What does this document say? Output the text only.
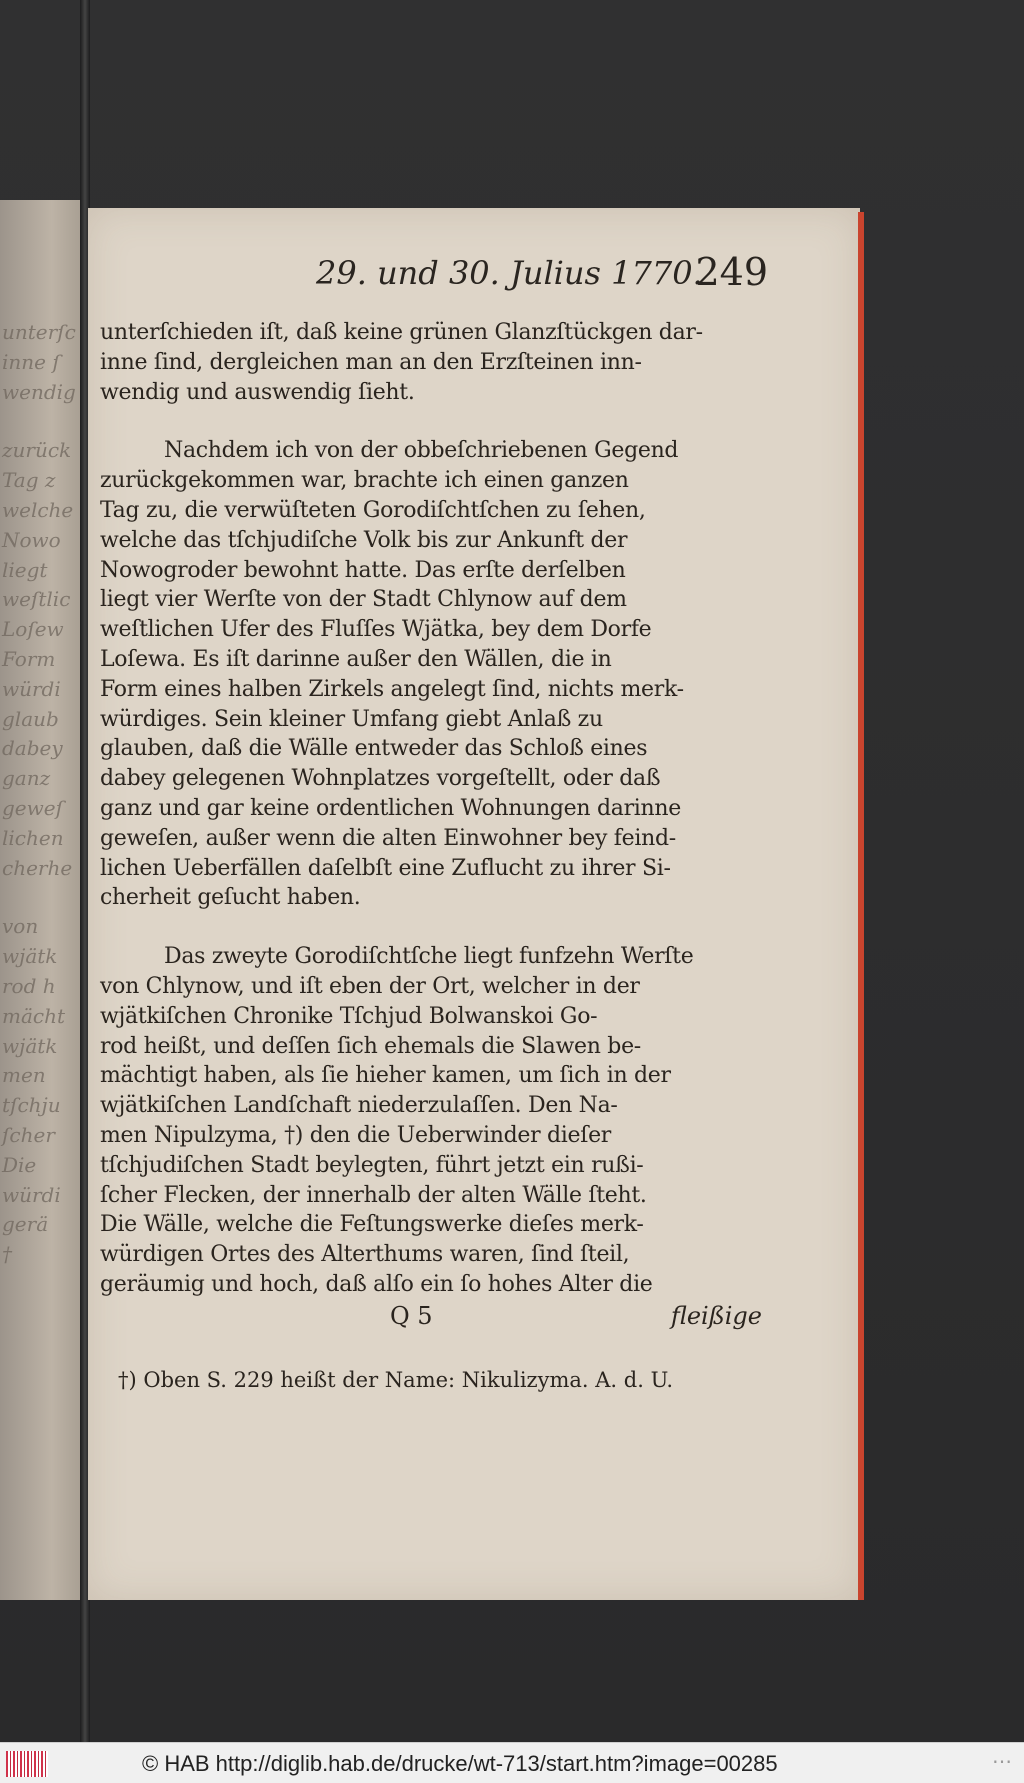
unterſc
inne ſ
wendig
zurück
Tag z
welche
Nowo
liegt
weſtlic
Loſew
Form
würdi
glaub
dabey
ganz
geweſ
lichen
cherhe
von
wjätk
rod h
mächt
wjätk
men
tſchju
ſcher
Die
würdi
gerä
†
29. und 30. Julius 1770.
249
unterſchieden iſt, daß keine grünen Glanzſtückgen dar-
inne ſind, dergleichen man an den Erzſteinen inn-
wendig und auswendig ſieht.
Nachdem ich von der obbeſchriebenen Gegend
zurückgekommen war, brachte ich einen ganzen
Tag zu, die verwüſteten Gorodiſchtſchen zu ſehen,
welche das tſchjudiſche Volk bis zur Ankunft der
Nowogroder bewohnt hatte. Das erſte derſelben
liegt vier Werſte von der Stadt Chlynow auf dem
weſtlichen Ufer des Fluſſes Wjätka, bey dem Dorfe
Loſewa. Es iſt darinne außer den Wällen, die in
Form eines halben Zirkels angelegt ſind, nichts merk-
würdiges. Sein kleiner Umfang giebt Anlaß zu
glauben, daß die Wälle entweder das Schloß eines
dabey gelegenen Wohnplatzes vorgeſtellt, oder daß
ganz und gar keine ordentlichen Wohnungen darinne
geweſen, außer wenn die alten Einwohner bey feind-
lichen Ueberfällen daſelbſt eine Zuflucht zu ihrer Si-
cherheit geſucht haben.
Das zweyte Gorodiſchtſche liegt funfzehn Werſte
von Chlynow, und iſt eben der Ort, welcher in der
wjätkiſchen Chronike Tſchjud Bolwanskoi Go-
rod heißt, und deſſen ſich ehemals die Slawen be-
mächtigt haben, als ſie hieher kamen, um ſich in der
wjätkiſchen Landſchaft niederzulaſſen. Den Na-
men Nipulzyma, †) den die Ueberwinder dieſer
tſchjudiſchen Stadt beylegten, führt jetzt ein rußi-
ſcher Flecken, der innerhalb der alten Wälle ſteht.
Die Wälle, welche die Feſtungswerke dieſes merk-
würdigen Ortes des Alterthums waren, ſind ſteil,
geräumig und hoch, daß alſo ein ſo hohes Alter die
Q 5	fleißige
†) Oben S. 229 heißt der Name: Nikulizyma. A. d. U.
© HAB http://diglib.hab.de/drucke/wt-713/start.htm?image=00285	⋯
